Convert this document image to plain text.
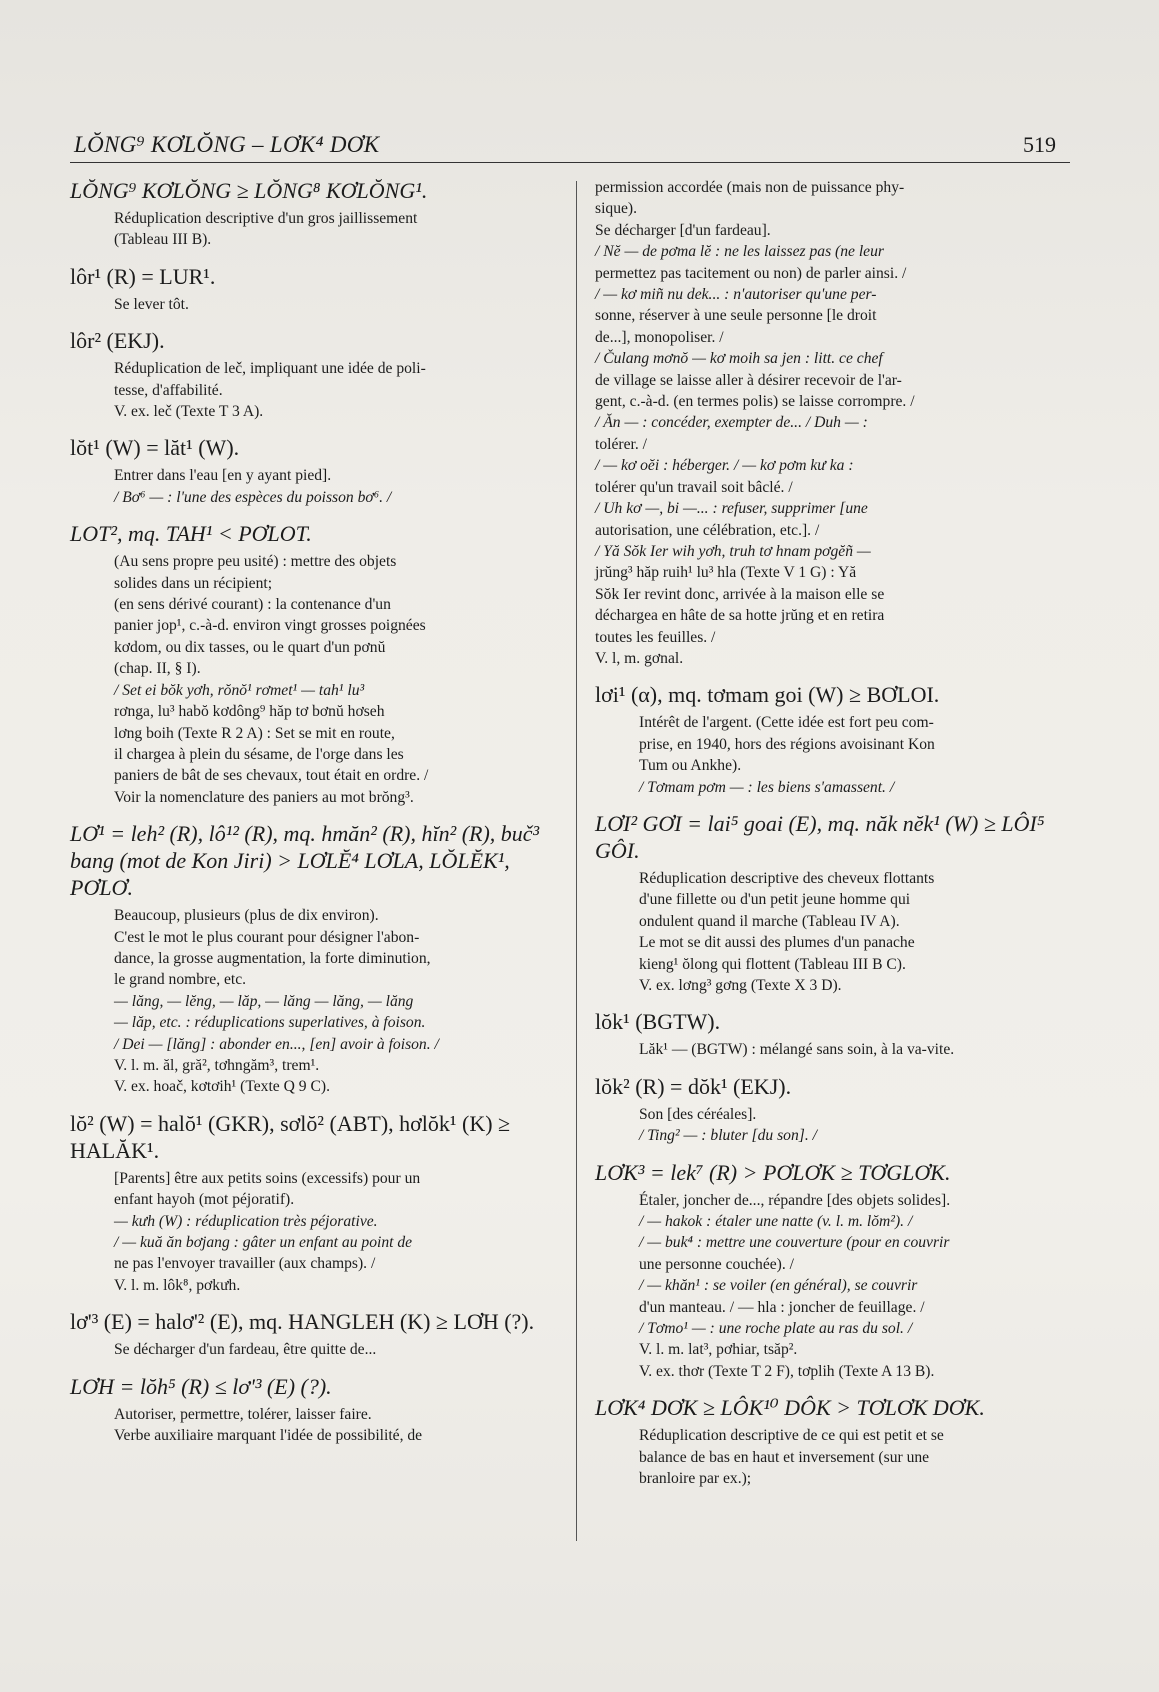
LŎNG⁹ KƠLŎNG – LƠK⁴ DƠK	519
LŎNG⁹ KƠLŎNG ≥ LŎNG⁸ KƠLŎNG¹.
Réduplication descriptive d'un gros jaillissement
(Tableau III B).
lôr¹ (R) = LUR¹.
Se lever tôt.
lôr² (EKJ).
Réduplication de leč, impliquant une idée de poli-
tesse, d'affabilité.
V. ex. leč (Texte T 3 A).
lŏt¹ (W) = lăt¹ (W).
Entrer dans l'eau [en y ayant pied].
/ Bơ⁶ — : l'une des espèces du poisson bơ⁶. /
LOT², mq. TAH¹ < PƠLOT.
(Au sens propre peu usité) : mettre des objets
solides dans un récipient;
(en sens dérivé courant) : la contenance d'un
panier jop¹, c.-à-d. environ vingt grosses poignées
kơdom, ou dix tasses, ou le quart d'un pơnŭ
(chap. II, § I).
/ Set ei bŏk yơh, rŏnŏ¹ rơmet¹ — tah¹ lu³
rơnga, lu³ habŏ kơdông⁹ hăp tơ bơnŭ hơseh
lơng boih (Texte R 2 A) : Set se mit en route,
il chargea à plein du sésame, de l'orge dans les
paniers de bât de ses chevaux, tout était en ordre. /
Voir la nomenclature des paniers au mot brŏng³.
LƠ¹ = leh² (R), lô¹² (R), mq. hmăn² (R), hĭn² (R), buč³ bang (mot de Kon Jiri) > LƠLĔ⁴ LƠLA, LŎLĔK¹, PƠLƠ.
Beaucoup, plusieurs (plus de dix environ).
C'est le mot le plus courant pour désigner l'abon-
dance, la grosse augmentation, la forte diminution,
le grand nombre, etc.
— lăng, — lĕng, — lăp, — lăng — lăng, — lăng
— lăp, etc. : réduplications superlatives, à foison.
/ Dei — [lăng] : abonder en..., [en] avoir à foison. /
V. l. m. ăl, gră², tơhngăm³, trem¹.
V. ex. hoač, kơtơih¹ (Texte Q 9 C).
lŏ² (W) = halŏ¹ (GKR), sơlŏ² (ABT), hơlŏk¹ (K) ≥ HALĂK¹.
[Parents] être aux petits soins (excessifs) pour un
enfant hayoh (mot péjoratif).
— kưh (W) : réduplication très péjorative.
/ — kuă ăn bơjang : gâter un enfant au point de
ne pas l'envoyer travailler (aux champs). /
V. l. m. lôk⁸, pơkưh.
lơ'³ (E) = halơ'² (E), mq. HANGLEH (K) ≥ LƠH (?).
Se décharger d'un fardeau, être quitte de...
LƠH = lŏh⁵ (R) ≤ lơ'³ (E) (?).
Autoriser, permettre, tolérer, laisser faire.
Verbe auxiliaire marquant l'idée de possibilité, de
permission accordée (mais non de puissance phy-
sique).
Se décharger [d'un fardeau].
/ Nĕ — de pơma lĕ : ne les laissez pas (ne leur
permettez pas tacitement ou non) de parler ainsi. /
/ — kơ miñ nu dek... : n'autoriser qu'une per-
sonne, réserver à une seule personne [le droit
de...], monopoliser. /
/ Čulang mơnŏ — kơ moih sa jen : litt. ce chef
de village se laisse aller à désirer recevoir de l'ar-
gent, c.-à-d. (en termes polis) se laisse corrompre. /
/ Ăn — : concéder, exempter de... / Duh — :
tolérer. /
/ — kơ oĕi : héberger. / — kơ pơm kư ka :
tolérer qu'un travail soit bâclé. /
/ Uh kơ —, bi —... : refuser, supprimer [une
autorisation, une célébration, etc.]. /
/ Yă Sŏk Ier wih yơh, truh tơ hnam pơgĕñ —
jrŭng³ hăp ruih¹ lu³ hla (Texte V 1 G) : Yă
Sŏk Ier revint donc, arrivée à la maison elle se
déchargea en hâte de sa hotte jrŭng et en retira
toutes les feuilles. /
V. l, m. gơnal.
lơi¹ (α), mq. tơmam goi (W) ≥ BƠLOI.
Intérêt de l'argent. (Cette idée est fort peu com-
prise, en 1940, hors des régions avoisinant Kon
Tum ou Ankhe).
/ Tơmam pơm — : les biens s'amassent. /
LƠI² GƠI = lai⁵ goai (E), mq. năk nĕk¹ (W) ≥ LÔI⁵ GÔI.
Réduplication descriptive des cheveux flottants
d'une fillette ou d'un petit jeune homme qui
ondulent quand il marche (Tableau IV A).
Le mot se dit aussi des plumes d'un panache
kieng¹ ŏlong qui flottent (Tableau III B C).
V. ex. lơng³ gơng (Texte X 3 D).
lŏk¹ (BGTW).
Lăk¹ — (BGTW) : mélangé sans soin, à la va-vite.
lŏk² (R) = dŏk¹ (EKJ).
Son [des céréales].
/ Ting² — : bluter [du son]. /
LƠK³ = lek⁷ (R) > PƠLƠK ≥ TƠGLƠK.
Étaler, joncher de..., répandre [des objets solides].
/ — hakok : étaler une natte (v. l. m. lŏm²). /
/ — buk⁴ : mettre une couverture (pour en couvrir
une personne couchée). /
/ — khăn¹ : se voiler (en général), se couvrir
d'un manteau. / — hla : joncher de feuillage. /
/ Tơmo¹ — : une roche plate au ras du sol. /
V. l. m. lat³, pơhiar, tsăp².
V. ex. thơr (Texte T 2 F), tơplih (Texte A 13 B).
LƠK⁴ DƠK ≥ LÔK¹⁰ DÔK > TƠLƠK DƠK.
Réduplication descriptive de ce qui est petit et se
balance de bas en haut et inversement (sur une
branloire par ex.);
